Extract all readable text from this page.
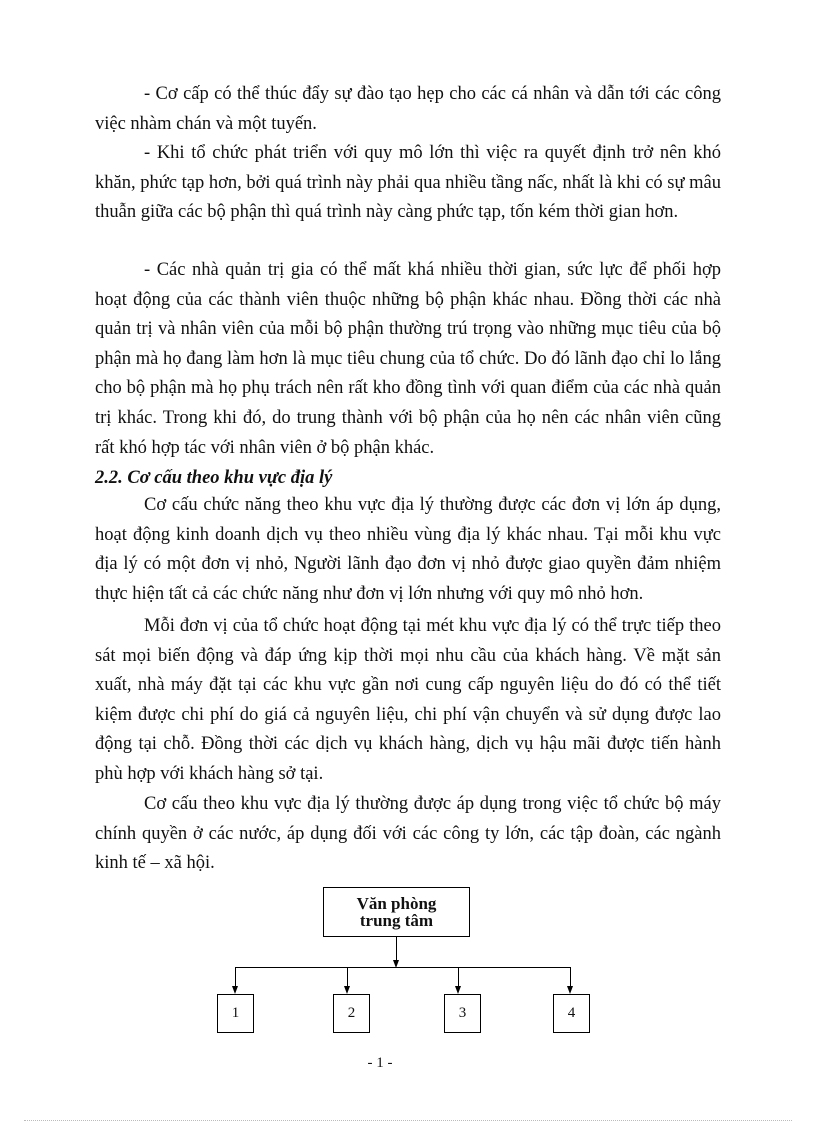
- Cơ cấp có thể thúc đẩy sự đào tạo hẹp cho các cá nhân và dẫn tới các công việc nhàm chán và một tuyến.

- Khi tổ chức phát triển với quy mô lớn thì việc ra quyết định trở nên khó khăn, phức tạp hơn, bởi quá trình này phải qua nhiều tầng nấc, nhất là khi có sự mâu thuẫn giữa các bộ phận thì quá trình này càng phức tạp, tốn kém thời gian hơn.

- Các nhà quản trị gia có thể mất khá nhiều thời gian, sức lực để phối hợp hoạt động của các thành viên thuộc những bộ phận khác nhau. Đồng thời các nhà quản trị và nhân viên của mỗi bộ phận thường trú trọng vào những mục tiêu của bộ phận mà họ đang làm hơn là mục tiêu chung của tổ chức. Do đó lãnh đạo chỉ lo lắng cho bộ phận mà họ phụ trách nên rất kho đồng tình với quan điểm của các nhà quản trị khác. Trong khi đó, do trung thành với bộ phận của họ nên các nhân viên cũng rất khó hợp tác với nhân viên ở bộ phận khác.

2.2. Cơ cấu theo khu vực địa lý

Cơ cấu chức năng theo khu vực địa lý thường được các đơn vị lớn áp dụng, hoạt động kinh doanh dịch vụ theo nhiều vùng địa lý khác nhau. Tại mỗi khu vực địa lý có một đơn vị nhỏ, Người lãnh đạo đơn vị nhỏ được giao quyền đảm nhiệm thực hiện tất cả các chức năng như đơn vị lớn nhưng với quy mô nhỏ hơn.

Mỗi đơn vị của tổ chức hoạt động tại mét khu vực địa lý có thể trực tiếp theo sát mọi biến động và đáp ứng kịp thời mọi nhu cầu của khách hàng. Về mặt sản xuất, nhà máy đặt tại các khu vực gần nơi cung cấp nguyên liệu do đó có thể tiết kiệm được chi phí do giá cả nguyên liệu, chi phí vận chuyển và sử dụng được lao động tại chỗ. Đồng thời các dịch vụ khách hàng, dịch vụ hậu mãi được tiến hành phù hợp với khách hàng sở tại.

Cơ cấu theo khu vực địa lý thường được áp dụng trong việc tổ chức bộ máy chính quyền ở các nước, áp dụng đối với các công ty lớn, các tập đoàn, các ngành kinh tế – xã hội.

Văn phòng
trung tâm
1	2	3	4
- 1 -
